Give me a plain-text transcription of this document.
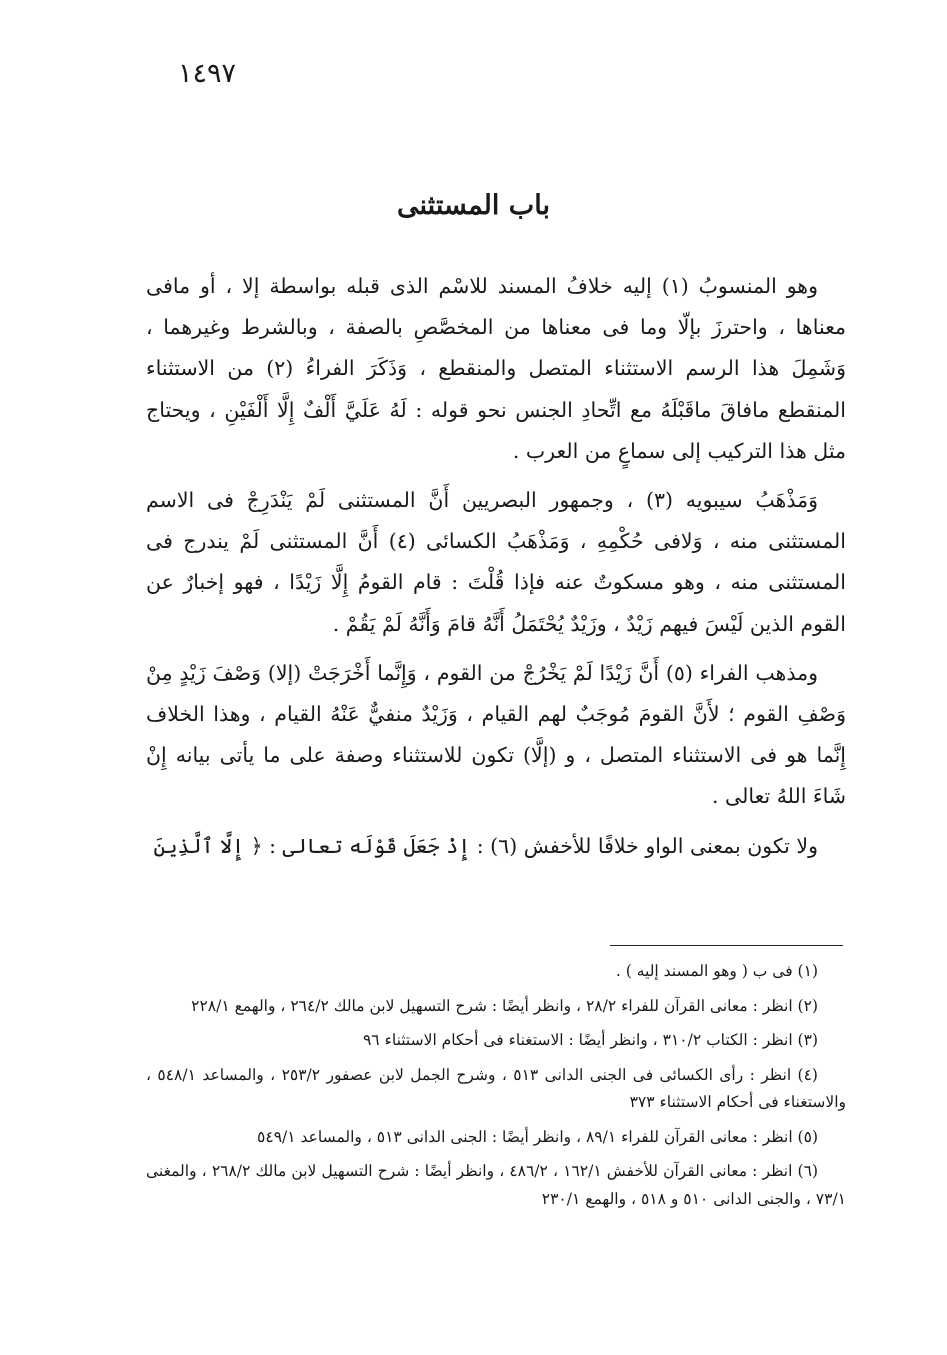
١٤٩٧
باب المستثنى

وهو المنسوبُ (١) إليه خلافُ المسند للاسْم الذى قبله بواسطة إلا ، أو مافى معناها ، واحترزَ بإلّا وما فى معناها من المخصَّصِ بالصفة ، وبالشرط وغيرهما ، وَشَمِلَ هذا الرسم الاستثناء المتصل والمنقطع ، وَذَكَرَ الفراءُ (٢) من الاستثناء المنقطع مافاقَ ماقَبْلَهُ مع اتِّحادِ الجنس نحو قوله : لَهُ عَلَيَّ أَلْفٌ إِلَّا أَلْفَيْنِ ، ويحتاج مثل هذا التركيب إلى سماعٍ من العرب .

وَمَذْهَبُ سيبويه (٣) ، وجمهور البصريين أَنَّ المستثنى لَمْ يَنْدَرِجْ فى الاسم المستثنى منه ، وَلافى حُكْمِهِ ، وَمَذْهَبُ الكسائى (٤) أَنَّ المستثنى لَمْ يندرج فى المستثنى منه ، وهو مسكوتٌ عنه فإذا قُلْتَ : قام القومُ إِلَّا زَيْدًا ، فهو إخبارٌ عن القوم الذين لَيْسَ فيهم زَيْدٌ ، وزَيْدٌ يُحْتَمَلُ أَنَّهُ قامَ وَأَنَّهُ لَمْ يَقُمْ .

ومذهب الفراء (٥) أَنَّ زَيْدًا لَمْ يَخْرُجْ من القوم ، وَإِنَّما أَخْرَجَتْ (إلا) وَصْفَ زَيْدٍ مِنْ وَصْفِ القوم ؛ لأَنَّ القومَ مُوجَبٌ لهم القيام ، وَزَيْدٌ منفيٌّ عَنْهُ القيام ، وهذا الخلاف إِنَّما هو فى الاستثناء المتصل ، و (إلَّا) تكون للاستثناء وصفة على ما يأتى بيانه إِنْ شَاءَ اللهُ تعالى .

ولا تكون بمعنى الواو خلافًا للأخفش (٦) : إِذْ جَعَلَ قَوْلَه تعالى : ﴿ إِلَّا ٱلَّذِينَ

(١) فى ب ( وهو المسند إليه ) .
(٢) انظر : معانى القرآن للفراء ٢٨/٢ ، وانظر أيضًا : شرح التسهيل لابن مالك ٢٦٤/٢ ، والهمع ٢٢٨/١
(٣) انظر : الكتاب ٣١٠/٢ ، وانظر أيضًا : الاستغناء فى أحكام الاستثناء ٩٦
(٤) انظر : رأى الكسائى فى الجنى الدانى ٥١٣ ، وشرح الجمل لابن عصفور ٢٥٣/٢ ، والمساعد ٥٤٨/١ ، والاستغناء فى أحكام الاستثناء ٣٧٣
(٥) انظر : معانى القرآن للفراء ٨٩/١ ، وانظر أيضًا : الجنى الدانى ٥١٣ ، والمساعد ٥٤٩/١
(٦) انظر : معانى القرآن للأخفش ١٦٢/١ ، ٤٨٦/٢ ، وانظر أيضًا : شرح التسهيل لابن مالك ٢٦٨/٢ ، والمغنى ٧٣/١ ، والجنى الدانى ٥١٠ و ٥١٨ ، والهمع ٢٣٠/١
